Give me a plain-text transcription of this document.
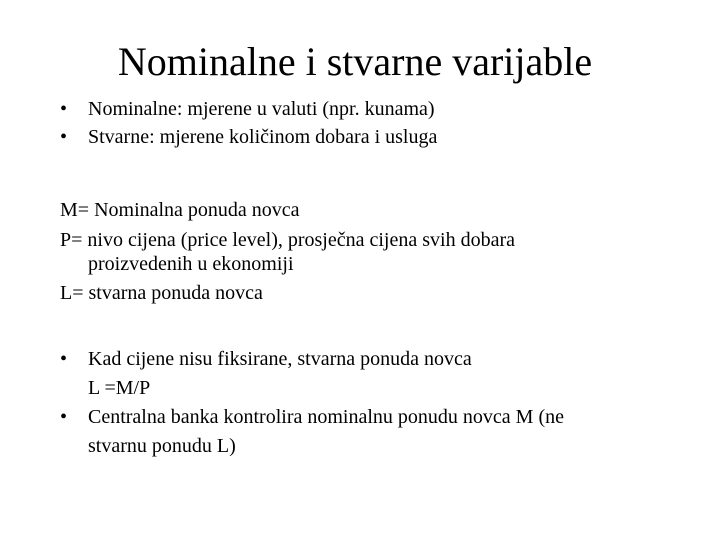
Nominalne i stvarne varijable
• Nominalne: mjerene u valuti (npr. kunama)
• Stvarne: mjerene količinom dobara i usluga
M= Nominalna ponuda novca
P= nivo cijena (price level), prosječna cijena svih dobara
proizvedenih u ekonomiji
L= stvarna ponuda novca
• Kad cijene nisu fiksirane, stvarna ponuda novca
L =M/P
• Centralna banka kontrolira nominalnu ponudu novca M (ne
stvarnu ponudu L)
